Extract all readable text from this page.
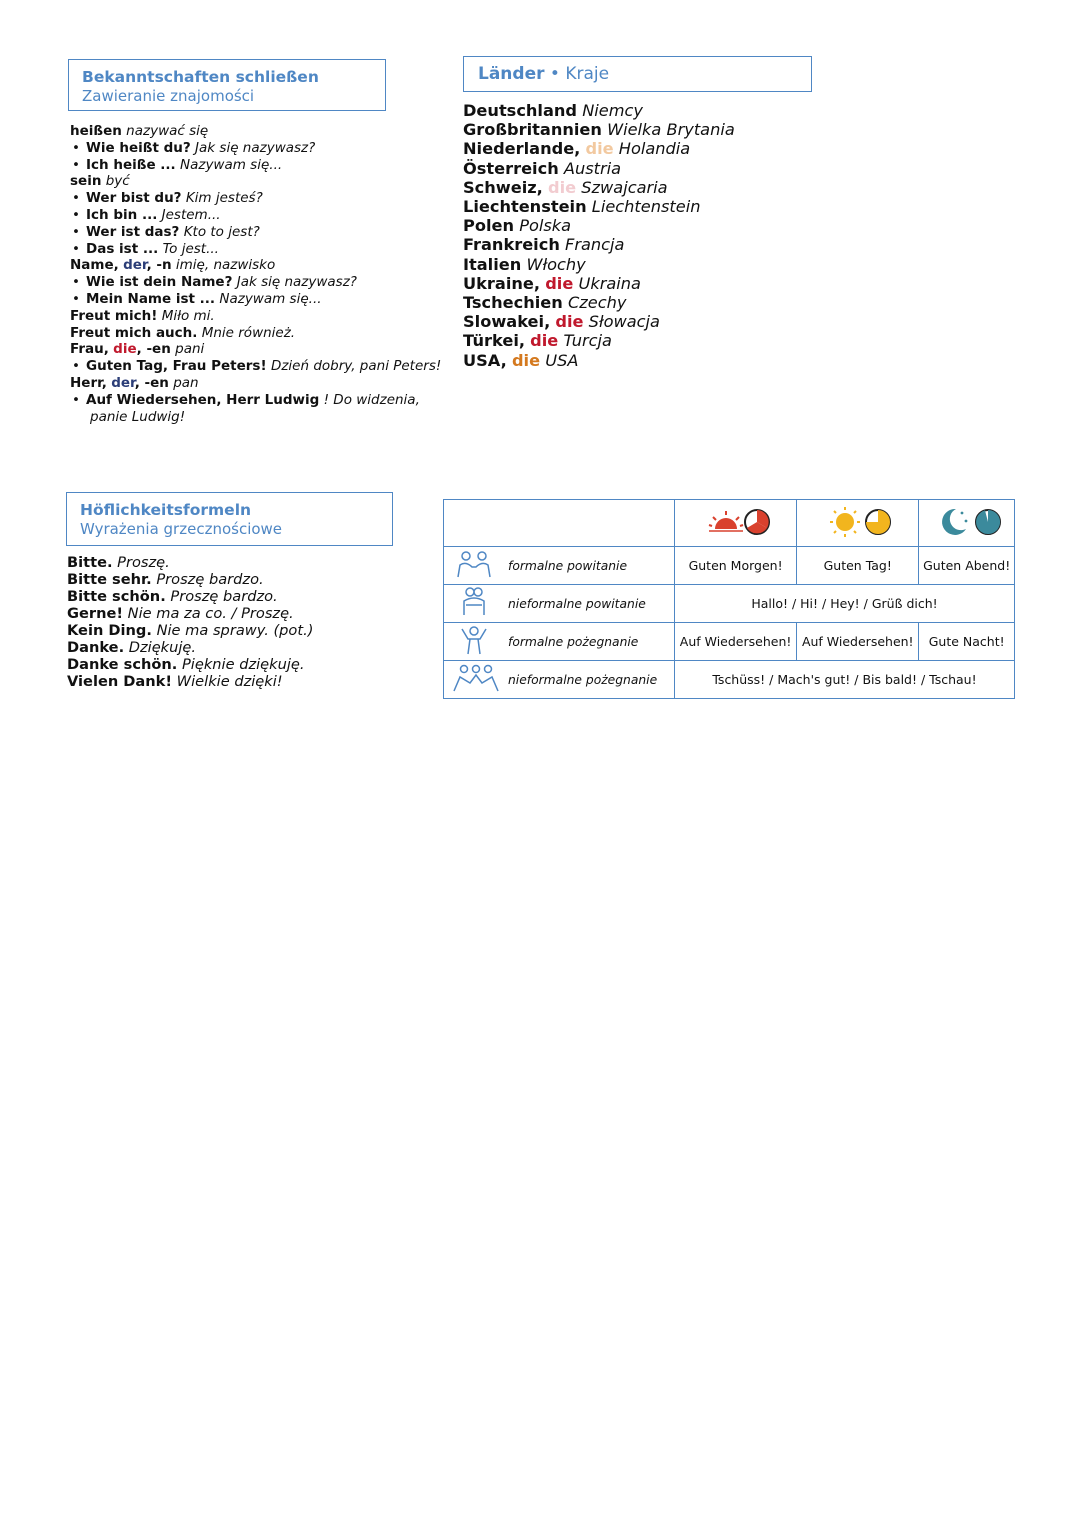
Bekanntschaften schließen
Zawieranie znajomości
heißen nazywać się
• Wie heißt du? Jak się nazywasz?
• Ich heiße ... Nazywam się...
sein być
• Wer bist du? Kim jesteś?
• Ich bin ... Jestem...
• Wer ist das? Kto to jest?
• Das ist ... To jest...
Name, der, -n imię, nazwisko
• Wie ist dein Name? Jak się nazywasz?
• Mein Name ist ... Nazywam się...
Freut mich! Miło mi.
Freut mich auch. Mnie również.
Frau, die, -en pani
• Guten Tag, Frau Peters! Dzień dobry, pani Peters!
Herr, der, -en pan
• Auf Wiedersehen, Herr Ludwig ! Do widzenia,
panie Ludwig!
Länder • Kraje
Deutschland Niemcy
Großbritannien Wielka Brytania
Niederlande, die Holandia
Österreich Austria
Schweiz, die Szwajcaria
Liechtenstein Liechtenstein
Polen Polska
Frankreich Francja
Italien Włochy
Ukraine, die Ukraina
Tschechien Czechy
Slowakei, die Słowacja
Türkei, die Turcja
USA, die USA
Höflichkeitsformeln
Wyrażenia grzecznościowe
Bitte. Proszę.
Bitte sehr. Proszę bardzo.
Bitte schön. Proszę bardzo.
Gerne! Nie ma za co. / Proszę.
Kein Ding. Nie ma sprawy. (pot.)
Danke. Dziękuję.
Danke schön. Pięknie dziękuję.
Vielen Dank! Wielkie dzięki!

	formalne powitanie	Guten Morgen!	Guten Tag!	Guten Abend!
	nieformalne powitanie	Hallo! / Hi! / Hey! / Grüß dich!		
	formalne pożegnanie	Auf Wiedersehen!	Auf Wiedersehen!	Gute Nacht!
	nieformalne pożegnanie	Tschüss! / Mach's gut! / Bis bald! / Tschau!		
